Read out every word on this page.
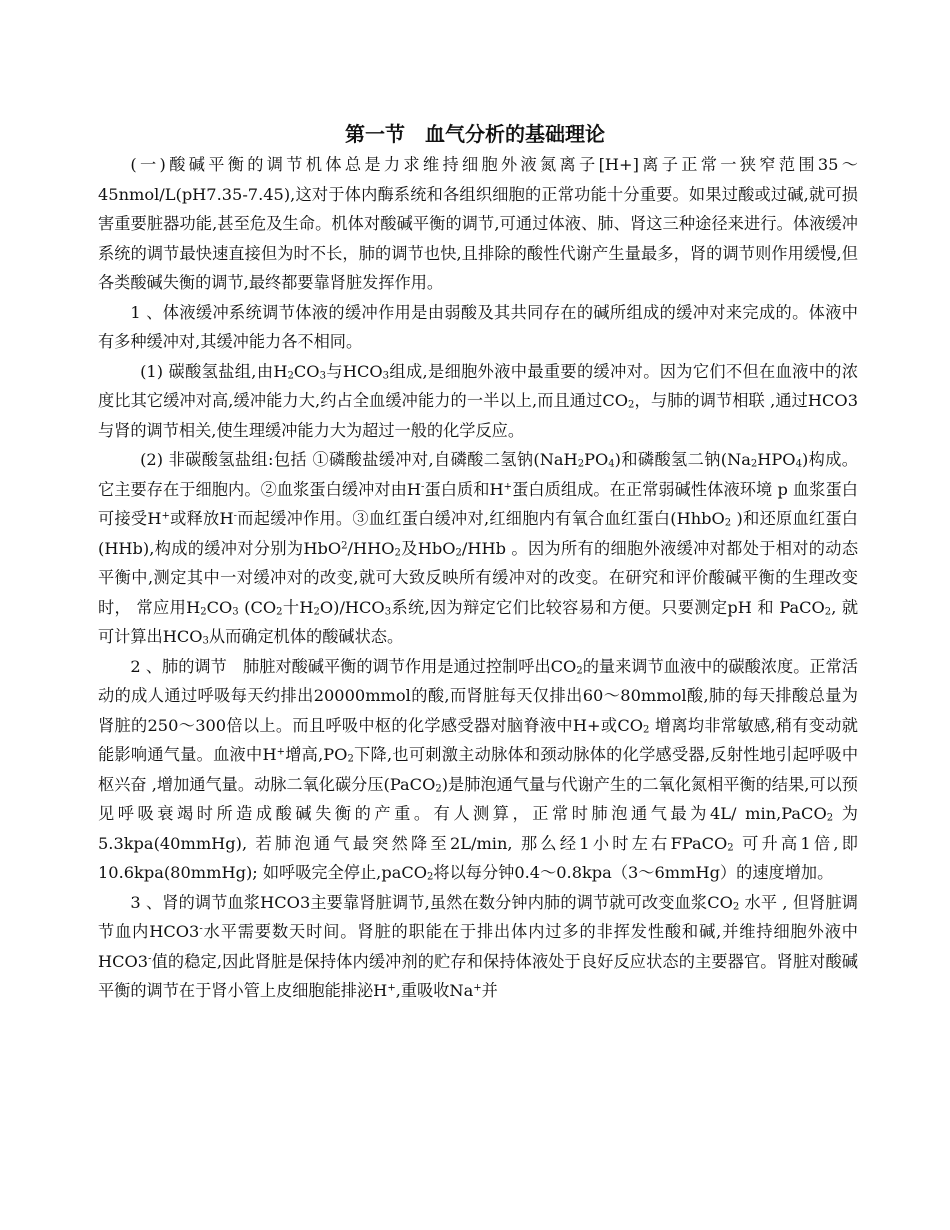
第一节　血气分析的基础理论

(一)酸碱平衡的调节机体总是力求维持细胞外液氮离子[H+]离子正常一狭窄范围35～45nmol/L(pH7.35-7.45),这对于体内酶系统和各组织细胞的正常功能十分重要。如果过酸或过碱,就可损害重要脏器功能,甚至危及生命。机体对酸碱平衡的调节,可通过体液、肺、肾这三种途径来进行。体液缓冲系统的调节最快速直接但为时不长，肺的调节也快,且排除的酸性代谢产生量最多，肾的调节则作用缓慢,但各类酸碱失衡的调节,最终都要靠肾脏发挥作用。

1 、体液缓冲系统调节体液的缓冲作用是由弱酸及其共同存在的碱所组成的缓冲对来完成的。体液中有多种缓冲对,其缓冲能力各不相同。

(1) 碳酸氢盐组,由$H_2CO_3$与$HCO_3$组成,是细胞外液中最重要的缓冲对。因为它们不但在血液中的浓度比其它缓冲对高,缓冲能力大,约占全血缓冲能力的一半以上,而且通过$CO_2$，与肺的调节相联 ,通过HCO3与肾的调节相关,使生理缓冲能力大为超过一般的化学反应。

(2) 非碳酸氢盐组:包括 ①磷酸盐缓冲对,自磷酸二氢钠$(NaH_2PO_4)$和磷酸氢二钠$(Na_2HPO_4)$构成。它主要存在于细胞内。②血浆蛋白缓冲对由H-蛋白质和H+蛋白质组成。在正常弱碱性体液环境 p 血浆蛋白可接受H+或释放H-而起缓冲作用。③血红蛋白缓冲对,红细胞内有氧合血红蛋白(HhbO$_2$ )和还原血红蛋白(HHb),构成的缓冲对分别为$HbO^2/HHO_2$及HbO$_2$/HHb 。因为所有的细胞外液缓冲对都处于相对的动态平衡中,测定其中一对缓冲对的改变,就可大致反映所有缓冲对的改变。在研究和评价酸碱平衡的生理改变时， 常应用$H_2CO_3$ ($CO_2$十$H_2O)/HCO_3$系统,因为辩定它们比较容易和方便。只要测定pH 和 PaCO$_2$, 就可计算出$HCO_3$从而确定机体的酸碱状态。

2 、肺的调节　肺脏对酸碱平衡的调节作用是通过控制呼出$CO_2$的量来调节血液中的碳酸浓度。正常活动的成人通过呼吸每天约排出20000mmol的酸,而肾脏每天仅排出60～80mmol酸,肺的每天排酸总量为肾脏的250～300倍以上。而且呼吸中枢的化学感受器对脑脊液中H+或$CO_2$ 增离均非常敏感,稍有变动就能影响通气量。血液中H+增高$,PO_2$下降,也可刺激主动脉体和颈动脉体的化学感受器,反射性地引起呼吸中枢兴奋 ,增加通气量。动脉二氧化碳分压(PaCO$_2$)是肺泡通气量与代谢产生的二氧化氮相平衡的结果,可以预见呼吸衰竭时所造成酸碱失衡的产重。有人测算，正常时肺泡通气最为4L/ min,PaCO$_2$ 为5.3kpa(40mmHg), 若肺泡通气最突然降至2L/min, 那么经1小时左右FPaCO$_2$ 可升高1倍,即10.6kpa(80mmHg); 如呼吸完全停止,paCO$_2$将以每分钟0.4～0.8kpa（3～6mmHg）的速度增加。

3 、肾的调节血浆HCO3主要靠肾脏调节,虽然在数分钟内肺的调节就可改变血浆$CO_2$ 水平 , 但肾脏调节血内HCO3-水平需要数天时间。肾脏的职能在于排出体内过多的非挥发性酸和碱,并维持细胞外液中HCO3-值的稳定,因此肾脏是保持体内缓冲剂的贮存和保持体液处于良好反应状态的主要器官。肾脏对酸碱平衡的调节在于肾小管上皮细胞能排泌H+,重吸收Na+并
